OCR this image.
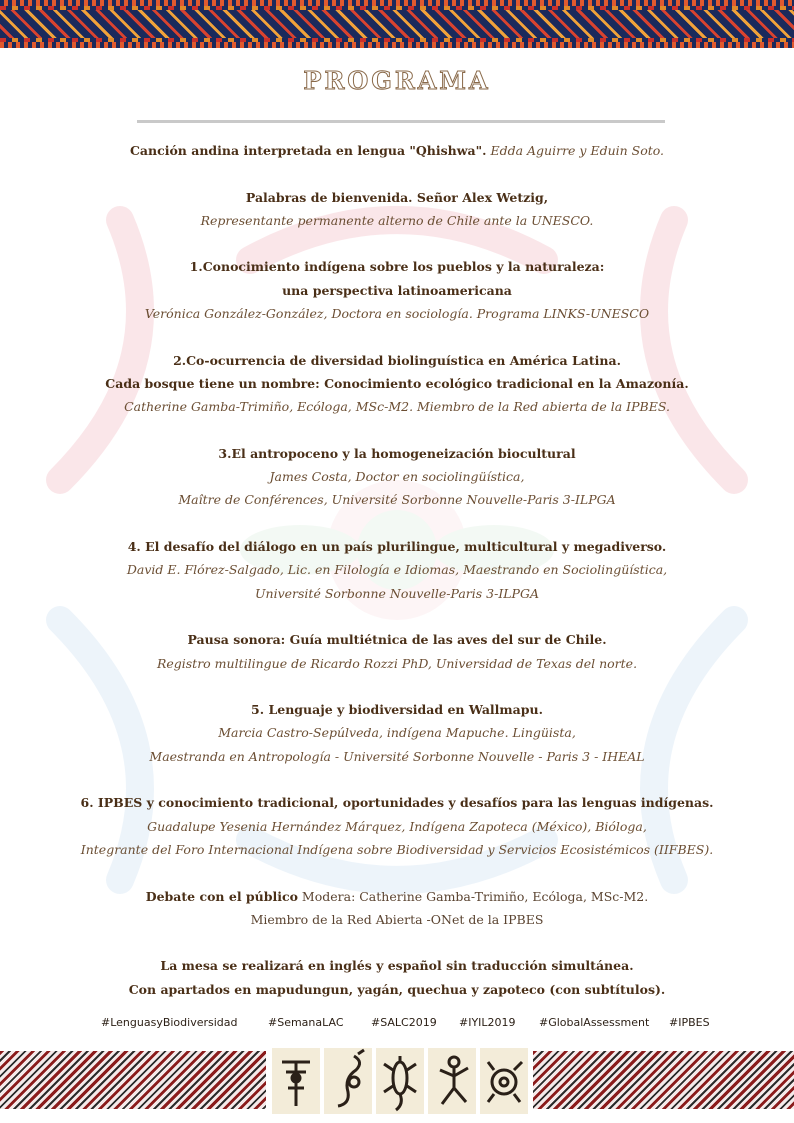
PROGRAMA

Canción andina interpretada en lengua "Qhishwa". Edda Aguirre y Eduin Soto.

Palabras de bienvenida. Señor Alex Wetzig,

Representante permanente alterno de Chile ante la UNESCO.

1.Conocimiento indígena sobre los pueblos y la naturaleza:

una perspectiva latinoamericana

Verónica González-González, Doctora en sociología. Programa LINKS-UNESCO

2.Co-ocurrencia de diversidad biolinguística en América Latina.

Cada bosque tiene un nombre: Conocimiento ecológico tradicional en la Amazonía.

Catherine Gamba-Trimiño, Ecóloga, MSc-M2. Miembro de la Red abierta de la IPBES.

3.El antropoceno y la homogeneización biocultural

James Costa, Doctor en sociolingüística,

Maître de Conférences, Université Sorbonne Nouvelle-Paris 3-ILPGA

4. El desafío del diálogo en un país plurilingue, multicultural y megadiverso.

David E. Flórez-Salgado, Lic. en Filología e Idiomas, Maestrando en Sociolingüística,

Université Sorbonne Nouvelle-Paris 3-ILPGA

Pausa sonora: Guía multiétnica de las aves del sur de Chile.

Registro multilingue de Ricardo Rozzi PhD, Universidad de Texas del norte.

5. Lenguaje y biodiversidad en Wallmapu.

Marcia Castro-Sepúlveda, indígena Mapuche. Lingüista,

Maestranda en Antropología - Université Sorbonne Nouvelle - Paris 3 - IHEAL

6. IPBES y conocimiento tradicional, oportunidades y desafíos para las lenguas indígenas.

Guadalupe Yesenia Hernández Márquez, Indígena Zapoteca (México), Bióloga,

Integrante del Foro Internacional Indígena sobre Biodiversidad y Servicios Ecosistémicos (IIFBES).

Debate con el público Modera: Catherine Gamba-Trimiño, Ecóloga, MSc-M2.

Miembro de la Red Abierta -ONet de la IPBES

La mesa se realizará en inglés y español sin traducción simultánea.

Con apartados en mapudungun, yagán, quechua y zapoteco (con subtítulos).

#LenguasyBiodiversidad	#SemanaLAC #SALC2019 #IYIL2019 #GlobalAssessment #IPBES
